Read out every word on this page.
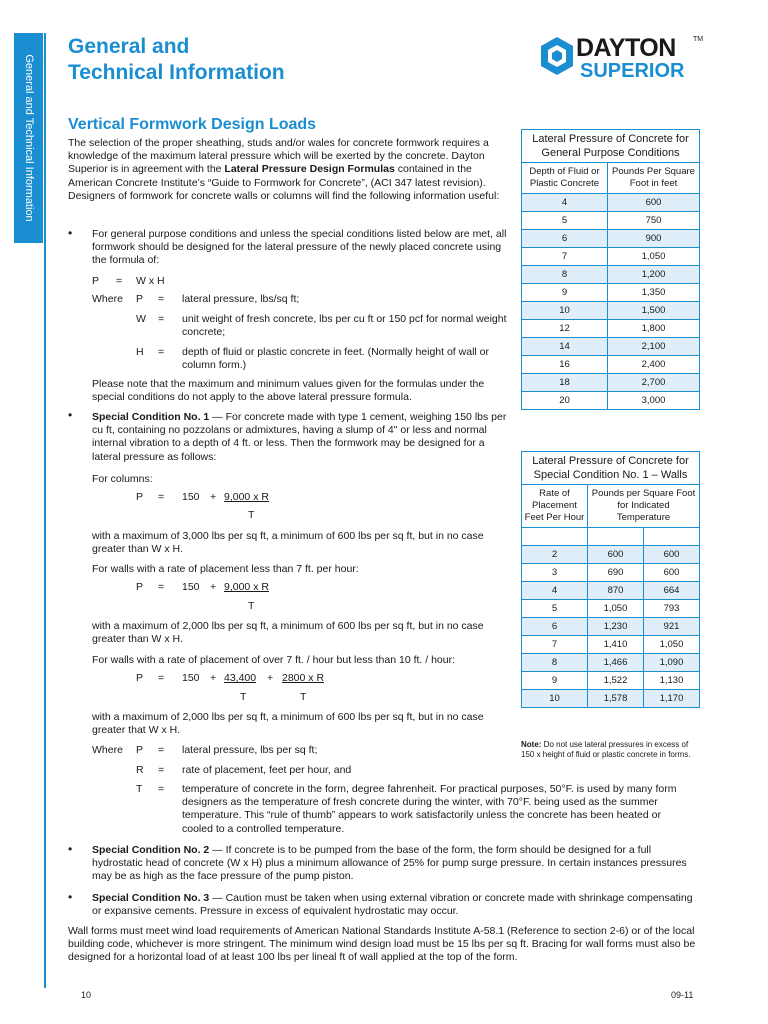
General and Technical Information
General and
Technical Information
DAYTON TM
SUPERIOR
Vertical Formwork Design Loads
The selection of the proper sheathing, studs and/or wales for concrete formwork requires a knowledge of the maximum lateral pressure which will be exerted by the concrete. Dayton Superior is in agreement with the Lateral Pressure Design Formulas contained in the American Concrete Institute’s “Guide to Formwork for Concrete”, (ACI 347 latest revision). Designers of formwork for concrete walls or columns will find the following information useful:
• For general purpose conditions and unless the special conditions listed below are met, all formwork should be designed for the lateral pressure of the newly placed concrete using the formula of:
P = W x H
Where P = lateral pressure, lbs/sq ft;
W = unit weight of fresh concrete, lbs per cu ft or 150 pcf for normal weight concrete;
H = depth of fluid or plastic concrete in feet. (Normally height of wall or column form.)
Please note that the maximum and minimum values given for the formulas under the special conditions do not apply to the above lateral pressure formula.
• Special Condition No. 1 — For concrete made with type 1 cement, weighing 150 lbs per cu ft, containing no pozzolans or admixtures, having a slump of 4" or less and normal internal vibration to a depth of 4 ft. or less. Then the formwork may be designed for a lateral pressure as follows:
For columns:
P = 150 + 9,000 x R
T
with a maximum of 3,000 lbs per sq ft, a minimum of 600 lbs per sq ft, but in no case greater than W x H.
For walls with a rate of placement less than 7 ft. per hour:
P = 150 + 9,000 x R
T
with a maximum of 2,000 lbs per sq ft, a minimum of 600 lbs per sq ft, but in no case greater than W x H.
For walls with a rate of placement of over 7 ft. / hour but less than 10 ft. / hour:
P = 150 + 43,400 + 2800 x R
T	T
with a maximum of 2,000 lbs per sq ft, a minimum of 600 lbs per sq ft, but in no case greater that W x H.
Where P = lateral pressure, lbs per sq ft;
R = rate of placement, feet per hour, and
T = temperature of concrete in the form, degree fahrenheit. For practical purposes, 50°F. is used by many form designers as the temperature of fresh concrete during the winter, with 70°F. being used as the summer temperature. This “rule of thumb” appears to work satisfactorily unless the concrete has been heated or cooled to a controlled temperature.
• Special Condition No. 2 — If concrete is to be pumped from the base of the form, the form should be designed for a full hydrostatic head of concrete (W x H) plus a minimum allowance of 25% for pump surge pressure. In certain instances pressures may be as high as the face pressure of the pump piston.
• Special Condition No. 3 — Caution must be taken when using external vibration or concrete made with shrinkage compensating or expansive cements. Pressure in excess of equivalent hydrostatic may occur.
Wall forms must meet wind load requirements of American National Standards Institute A-58.1 (Reference to section 2-6) or of the local building code, whichever is more stringent. The minimum wind design load must be 15 lbs per sq ft. Bracing for wall forms must also be designed for a horizontal load of at least 100 lbs per lineal ft of wall applied at the top of the form.
Lateral Pressure of Concrete for General Purpose Conditions	
Depth of Fluid or Plastic Concrete	Pounds Per Square Foot in feet
4	600
5	750
6	900
7	1,050
8	1,200
9	1,350
10	1,500
12	1,800
14	2,100
16	2,400
18	2,700
20	3,000
Lateral Pressure of Concrete for Special Condition No. 1 – Walls		
Rate of Placement Feet Per Hour	Pounds per Square Foot for Indicated Temperature	

2	600	600
3	690	600
4	870	664
5	1,050	793
6	1,230	921
7	1,410	1,050
8	1,466	1,090
9	1,522	1,130
10	1,578	1,170
Note: Do not use lateral pressures in excess of 150 x height of fluid or plastic concrete in forms.
10	09-11
